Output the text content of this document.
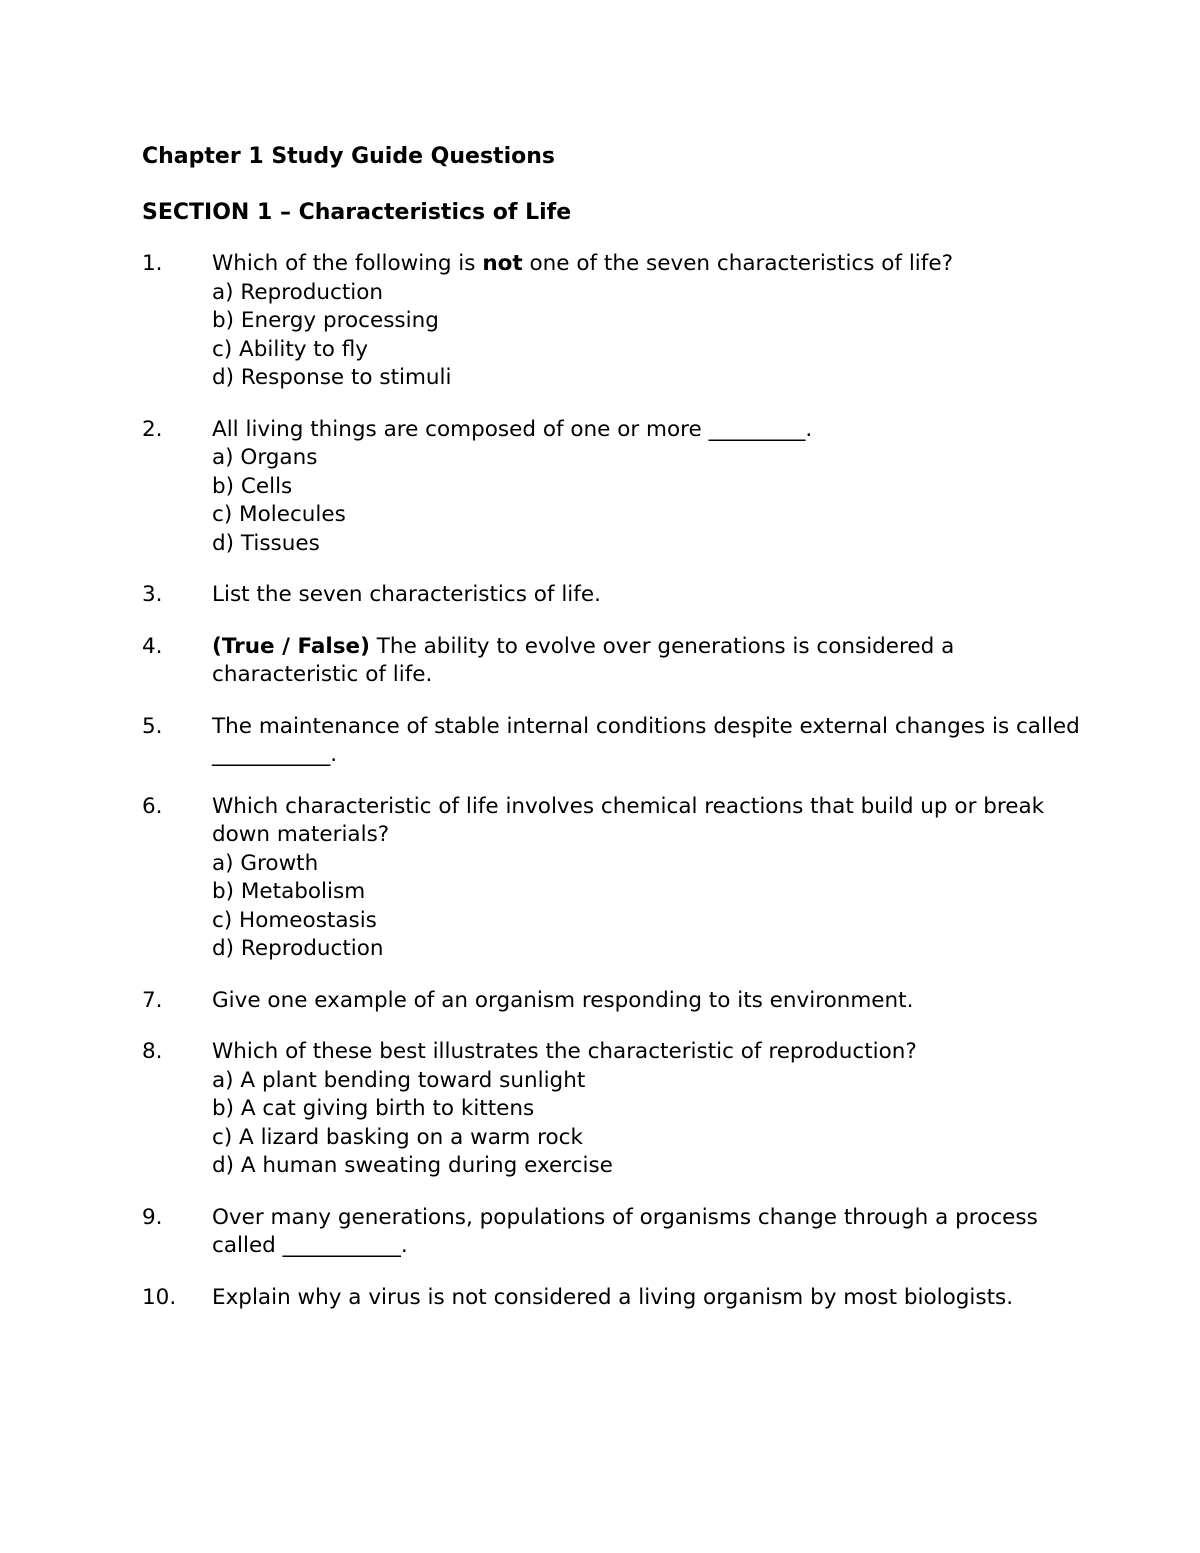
Chapter 1 Study Guide Questions
SECTION 1 – Characteristics of Life
1. Which of the following is not one of the seven characteristics of life?
a) Reproduction
b) Energy processing
c) Ability to fly
d) Response to stimuli
2. All living things are composed of one or more _________.
a) Organs
b) Cells
c) Molecules
d) Tissues
3. List the seven characteristics of life.
4. (True / False) The ability to evolve over generations is considered a characteristic of life.
5. The maintenance of stable internal conditions despite external changes is called ___________.
6. Which characteristic of life involves chemical reactions that build up or break down materials?
a) Growth
b) Metabolism
c) Homeostasis
d) Reproduction
7. Give one example of an organism responding to its environment.
8. Which of these best illustrates the characteristic of reproduction?
a) A plant bending toward sunlight
b) A cat giving birth to kittens
c) A lizard basking on a warm rock
d) A human sweating during exercise
9. Over many generations, populations of organisms change through a process called ___________.
10. Explain why a virus is not considered a living organism by most biologists.
